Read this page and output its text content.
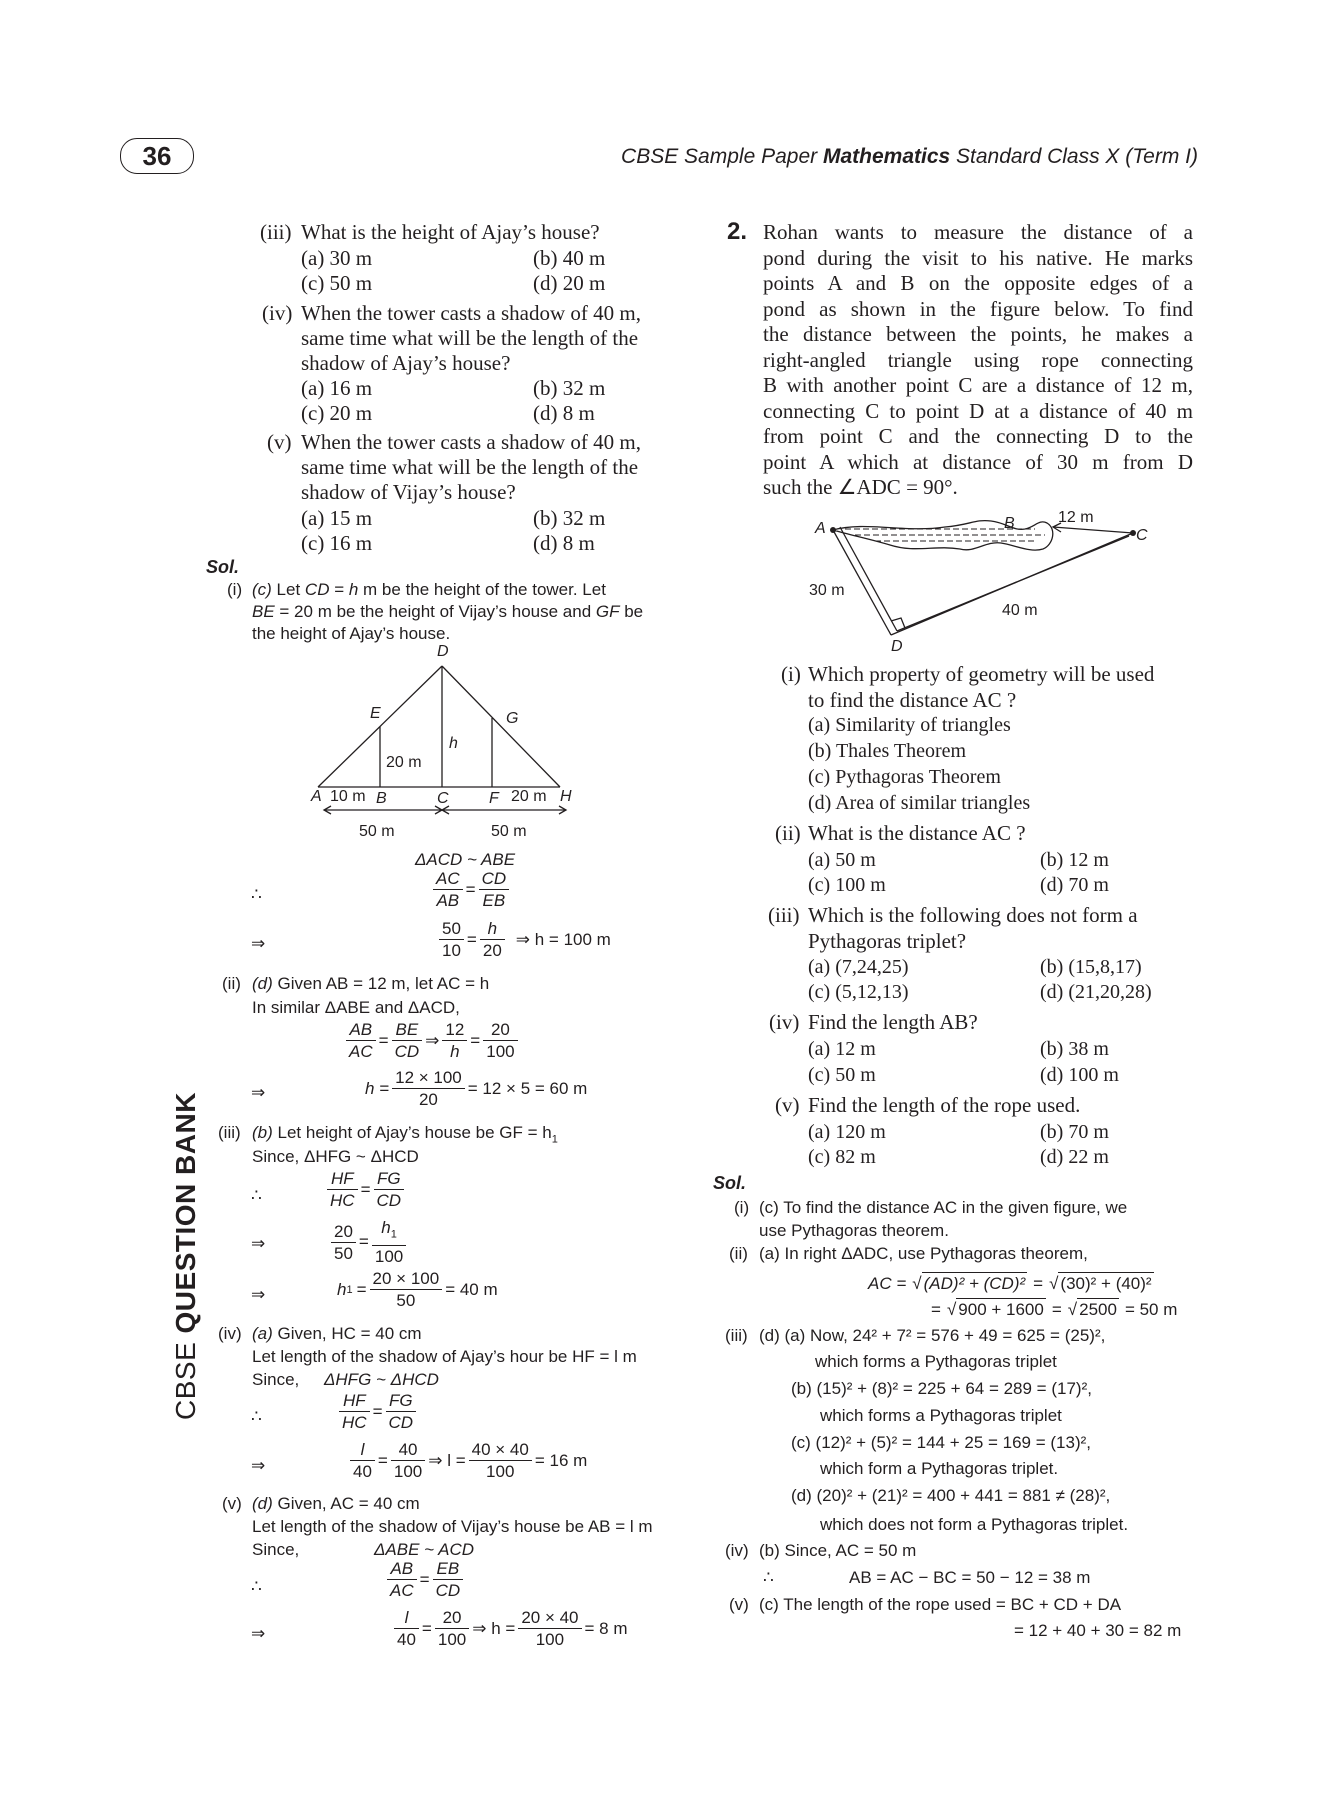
36	CBSE Sample Paper Mathematics Standard Class X (Term I)
CBSE QUESTION BANK
(iii) What is the height of Ajay’s house?
(a) 30 m	(b) 40 m
(c) 50 m	(d) 20 m
(iv) When the tower casts a shadow of 40 m,
same time what will be the length of the
shadow of Ajay’s house?
(a) 16 m	(b) 32 m
(c) 20 m	(d) 8 m
(v) When the tower casts a shadow of 40 m,
same time what will be the length of the
shadow of Vijay’s house?
(a) 15 m	(b) 32 m
(c) 16 m	(d) 8 m
Sol.
(i) (c) Let CD = h m be the height of the tower. Let
BE = 20 m be the height of Vijay’s house and GF be
the height of Ajay’s house.
D
E	G
h
20 m
A 10 m B	C	F 20 m H
50 m	50 m
ΔACD ~ ABE
∴	$\frac{AC}{AB} = \frac{CD}{EB}$
⇒	$\frac{50}{10} = \frac{h}{20}$ ⇒ h = 100 m
(ii) (d) Given AB = 12 m, let AC = h
In similar ΔABE and ΔACD,
$\frac{AB}{AC} = \frac{BE}{CD}$ ⇒ $\frac{12}{h} = \frac{20}{100}$
⇒	$h = \frac{12 \times 100}{20} = 12 \times 5 = 60$ m
(iii) (b) Let height of Ajay’s house be GF = $h_1$
Since, ΔHFG ~ ΔHCD
∴	$\frac{HF}{HC} = \frac{FG}{CD}$
⇒	$\frac{20}{50} = \frac{h_1}{100}$
⇒	h $1 = \frac{20 \times 100}{50} = 40$ m
(iv) (a) Given, HC = 40 cm
Let length of the shadow of Ajay’s hour be HF = l m
Since, ΔHFG ~ ΔHCD
∴	$\frac{HF}{HC} = \frac{FG}{CD}$
⇒	$\frac{l}{40} = \frac{40}{100}$ ⇒ $l = \frac{40 \times 40}{100} = 16$ m
(v) (d) Given, AC = 40 cm
Let length of the shadow of Vijay’s house be AB = l m
Since,	ΔABE ~ ACD
∴	$\frac{AB}{AC} = \frac{EB}{CD}$
⇒	$\frac{l}{40} = \frac{20}{100}$ ⇒ $h = \frac{20 \times 40}{100} = 8$ m
2. Rohan wants to measure the distance of a
pond during the visit to his native. He marks
points A and B on the opposite edges of a
pond as shown in the figure below. To find
the distance between the points, he makes a
right-angled triangle using rope connecting
B with another point C are a distance of 12 m,
connecting C to point D at a distance of 40 m
from point C and the connecting D to the
point A which at distance of 30 m from D
such the ∠ADC = 90°.
A	B	12 m
C
30 m
40 m
D
(i) Which property of geometry will be used
to find the distance AC ?
(a) Similarity of triangles
(b) Thales Theorem
(c) Pythagoras Theorem
(d) Area of similar triangles
(ii) What is the distance AC ?
(a) 50 m	(b) 12 m
(c) 100 m	(d) 70 m
(iii) Which is the following does not form a
Pythagoras triplet?
(a) (7,24,25)	(b) (15,8,17)
(c) (5,12,13)	(d) (21,20,28)
(iv) Find the length AB?
(a) 12 m	(b) 38 m
(c) 50 m	(d) 100 m
(v) Find the length of the rope used.
(a) 120 m	(b) 70 m
(c) 82 m	(d) 22 m
Sol.
(i) (c) To find the distance AC in the given figure, we
use Pythagoras theorem.
(ii) (a) In right ΔADC, use Pythagoras theorem,
AC = √ (AD)² + (CD)² = √ (30)² + (40)²
= √ 900 + 1600 = √ 2500 = 50 m
(iii) (d) (a) Now, 24² + 7² = 576 + 49 = 625 = (25)²,
which forms a Pythagoras triplet
(b) (15)² + (8)² = 225 + 64 = 289 = (17)²,
which forms a Pythagoras triplet
(c) (12)² + (5)² = 144 + 25 = 169 = (13)²,
which form a Pythagoras triplet.
(d) (20)² + (21)² = 400 + 441 = 881 ≠ (28)²,
which does not form a Pythagoras triplet.
(iv) (b) Since, AC = 50 m
∴	AB = AC − BC = 50 − 12 = 38 m
(v) (c) The length of the rope used = BC + CD + DA
= 12 + 40 + 30 = 82 m
